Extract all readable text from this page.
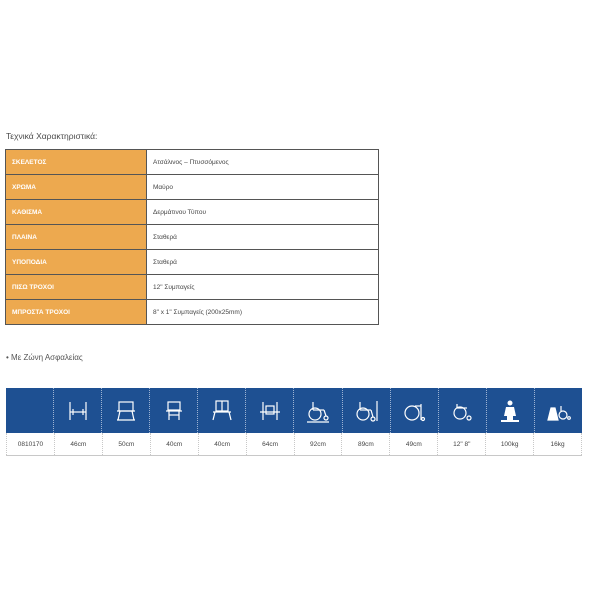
Τεχνικά Χαρακτηριστικά:
ΣΚΕΛΕΤΟΣ	Ατσάλινος – Πτυσσόμενος
ΧΡΩΜΑ	Μαύρο
ΚΑΘΙΣΜΑ	Δερμάτινου Τύπου
ΠΛΑΙΝΑ	Σταθερά
ΥΠΟΠΟΔΙΑ	Σταθερά
ΠΙΣΩ ΤΡΟΧΟΙ	12" Συμπαγείς
ΜΠΡΟΣΤΑ ΤΡΟΧΟΙ	8" x 1" Συμπαγείς (200x25mm)
• Με Ζώνη Ασφαλείας
0810170	46cm	50cm	40cm	40cm	64cm	92cm	89cm	49cm	12" 8"	100kg	16kg
